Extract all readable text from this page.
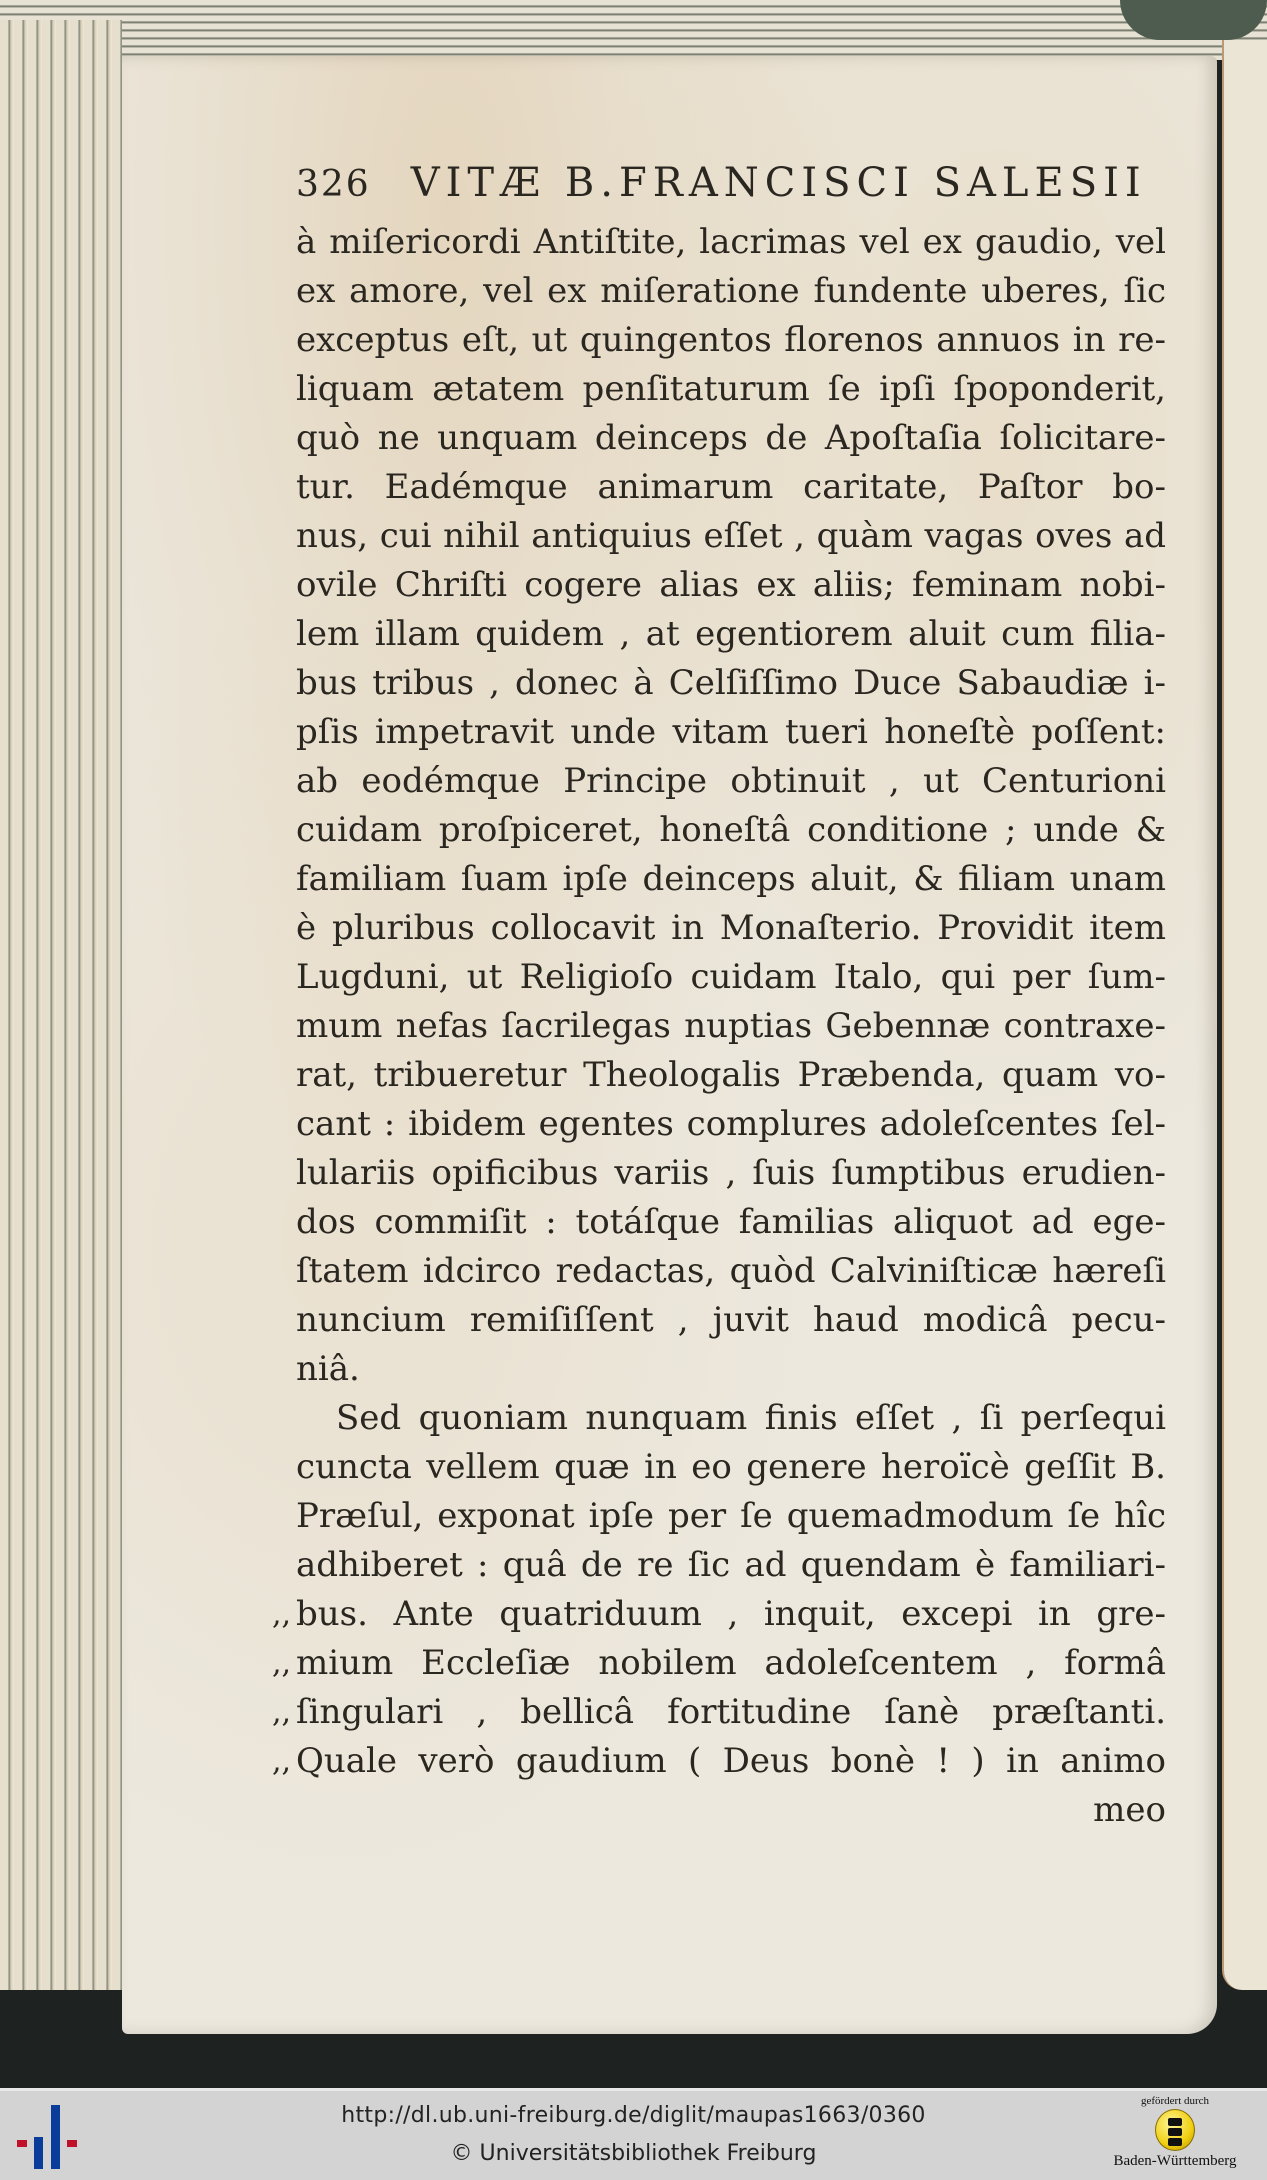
326 VITÆ B.FRANCISCI SALESII
à miſericordi Antiſtite, lacrimas vel ex gaudio, vel
ex amore, vel ex miſeratione fundente uberes, ſic
exceptus eſt, ut quingentos florenos annuos in re-
liquam ætatem penſitaturum ſe ipſi ſpoponderit,
quò ne unquam deinceps de Apoſtaſia ſolicitare-
tur. Eadémque animarum caritate, Paſtor bo-
nus, cui nihil antiquius eſſet , quàm vagas oves ad
ovile Chriſti cogere alias ex aliis; feminam nobi-
lem illam quidem , at egentiorem aluit cum filia-
bus tribus , donec à Celſiſſimo Duce Sabaudiæ i-
pſis impetravit unde vitam tueri honeſtè poſſent:
ab eodémque Principe obtinuit , ut Centurioni
cuidam proſpiceret, honeſtâ conditione ; unde &
familiam ſuam ipſe deinceps aluit, & filiam unam
è pluribus collocavit in Monaſterio. Providit item
Lugduni, ut Religioſo cuidam Italo, qui per ſum-
mum nefas ſacrilegas nuptias Gebennæ contraxe-
rat, tribueretur Theologalis Præbenda, quam vo-
cant : ibidem egentes complures adoleſcentes ſel-
lulariis opificibus variis , ſuis ſumptibus erudien-
dos commiſit : totáſque familias aliquot ad ege-
ſtatem idcirco redactas, quòd Calviniſticæ hæreſi
nuncium remiſiſſent , juvit haud modicâ pecu-
niâ.
Sed quoniam nunquam finis eſſet , ſi perſequi
cuncta vellem quæ in eo genere heroïcè geſſit B.
Præſul, exponat ipſe per ſe quemadmodum ſe hîc
adhiberet : quâ de re ſic ad quendam è familiari-
,, bus. Ante quatriduum , inquit, excepi in gre-
,, mium Eccleſiæ nobilem adoleſcentem , formâ
,, ſingulari , bellicâ fortitudine ſanè præſtanti.
,, Quale verò gaudium ( Deus bonè ! ) in animo
meo
http://dl.ub.uni-freiburg.de/diglit/maupas1663/0360
© Universitätsbibliothek Freiburg
gefördert durch
Baden-Württemberg
